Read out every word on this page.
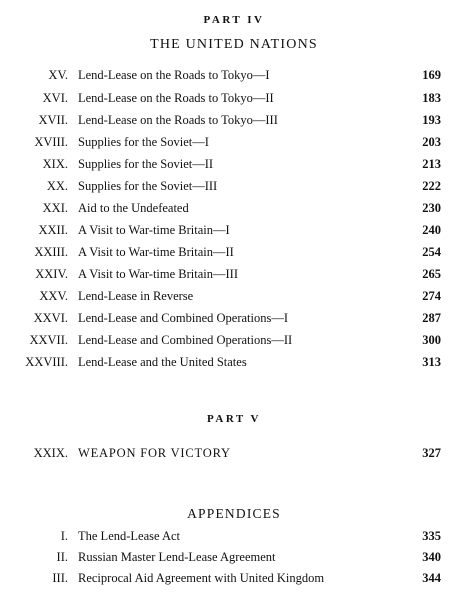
PART IV
THE UNITED NATIONS
XV. Lend-Lease on the Roads to Tokyo—I	169
XVI. Lend-Lease on the Roads to Tokyo—II	183
XVII. Lend-Lease on the Roads to Tokyo—III	193
XVIII. Supplies for the Soviet—I	203
XIX. Supplies for the Soviet—II	213
XX. Supplies for the Soviet—III	222
XXI. Aid to the Undefeated	230
XXII. A Visit to War-time Britain—I	240
XXIII. A Visit to War-time Britain—II	254
XXIV. A Visit to War-time Britain—III	265
XXV. Lend-Lease in Reverse	274
XXVI. Lend-Lease and Combined Operations—I	287
XXVII. Lend-Lease and Combined Operations—II	300
XXVIII. Lend-Lease and the United States	313
PART V
XXIX. WEAPON FOR VICTORY	327
APPENDICES
I. The Lend-Lease Act	335
II. Russian Master Lend-Lease Agreement	340
III. Reciprocal Aid Agreement with United Kingdom	344
